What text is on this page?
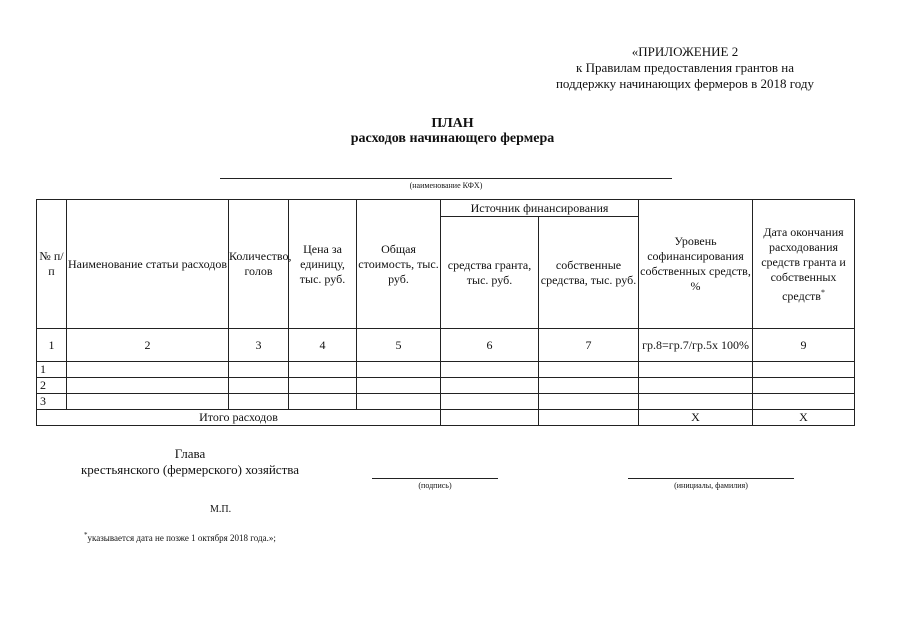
«ПРИЛОЖЕНИЕ 2
к Правилам предоставления грантов на
поддержку начинающих фермеров в 2018 году
ПЛАН
расходов начинающего фермера
(наименование КФХ)
№ п/п	Наименование статьи расходов	Количество, голов	Цена за единицу, тыс. руб.	Общая стоимость, тыс. руб.	Источник финансирования		Уровень софинансирования собственных средств, %	Дата окончания расходования средств гранта и собственных средств*
					средства гранта, тыс. руб.	собственные средства, тыс. руб.		
1	2	3	4	5	6	7	гр.8=гр.7/гр.5х 100%	9
1								
2								
3								
Итого расходов							Х	Х
Глава
крестьянского (фермерского) хозяйства
(подпись)	(инициалы, фамилия)
М.П.
*указывается дата не позже 1 октября 2018 года.»;
